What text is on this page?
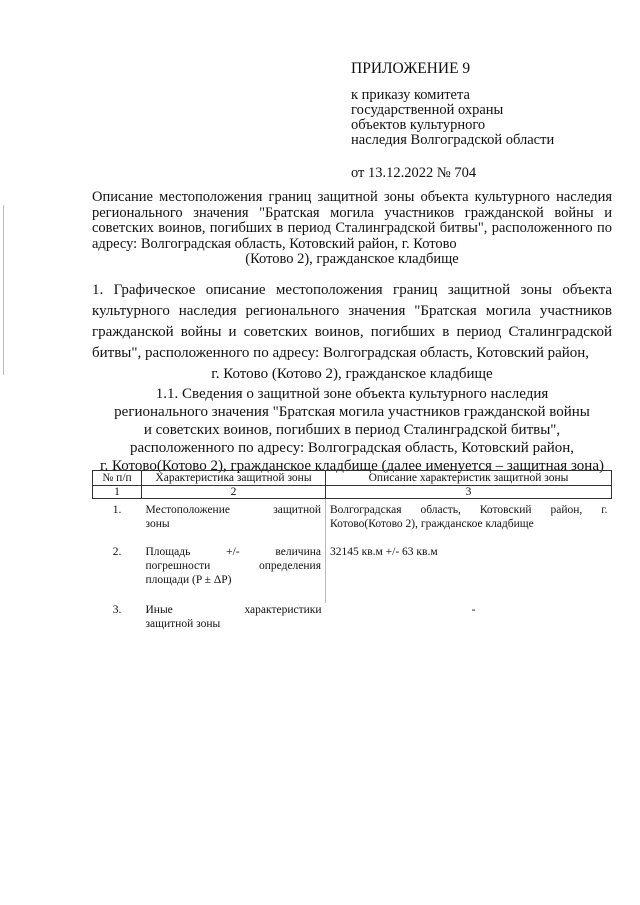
ПРИЛОЖЕНИЕ 9
к приказу комитета
государственной охраны
объектов культурного
наследия Волгоградской области
от 13.12.2022 № 704
Описание местоположения границ защитной зоны объекта культурного наследия регионального значения "Братская могила участников гражданской войны и советских воинов, погибших в период Сталинградской битвы", расположенного по адресу: Волгоградская область, Котовский район, г. Котово
(Котово 2), гражданское кладбище
1. Графическое описание местоположения границ защитной зоны объекта культурного наследия регионального значения "Братская могила участников гражданской войны и советских воинов, погибших в период Сталинградской битвы", расположенного по адресу: Волгоградская область, Котовский район,
г. Котово (Котово 2), гражданское кладбище
1.1. Сведения о защитной зоне объекта культурного наследия
регионального значения "Братская могила участников гражданской войны
и советских воинов, погибших в период Сталинградской битвы",
расположенного по адресу: Волгоградская область, Котовский район,
г. Котово(Котово 2), гражданское кладбище (далее именуется – защитная зона)
№ п/п	Характеристика защитной зоны	Описание характеристик защитной зоны
1	2	3
1.	Местоположение защитной
зоны	Волгоградская область, Котовский район, г. Котово(Котово 2), гражданское кладбище
2.	Площадь +/- величина погрешности определения
площади (P ± ΔP)	32145 кв.м +/- 63 кв.м
3.	Иные характеристики
защитной зоны	-
